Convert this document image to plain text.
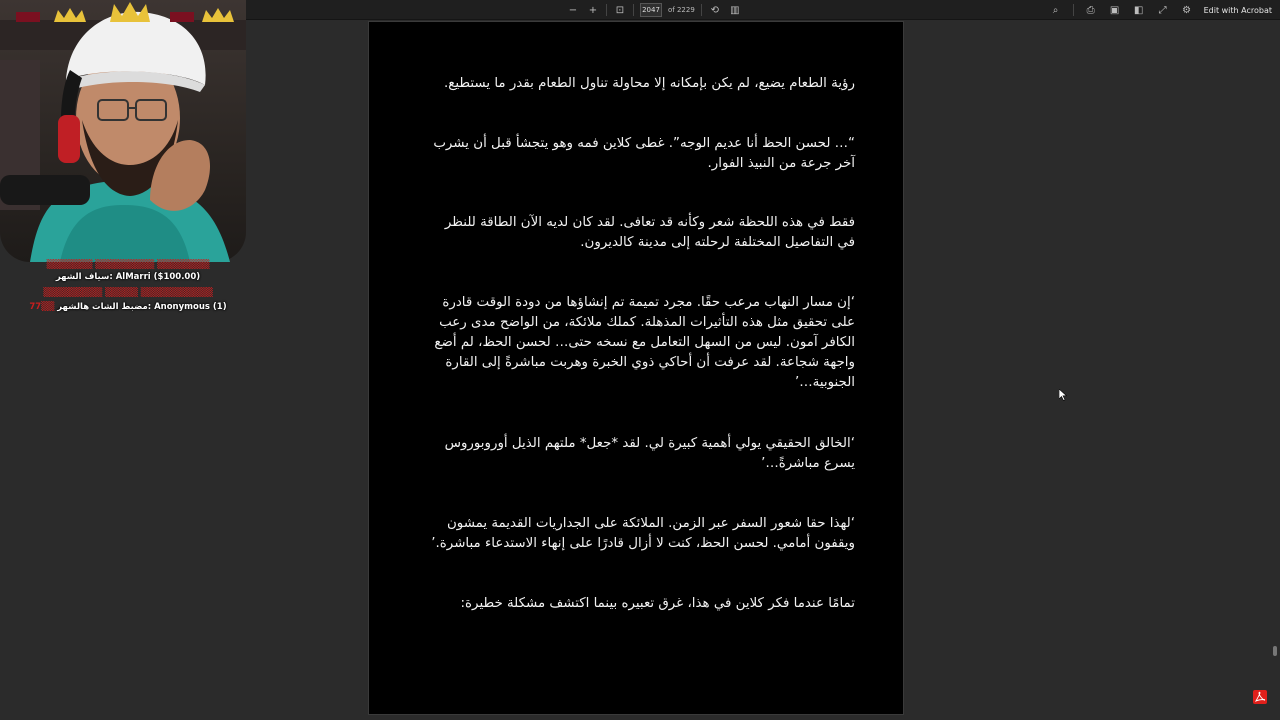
− + ⊡	2047 of 2229 ⟲ ▥	⌕	⎙	▣ ◧	⤢	⚙	Edit with Acrobat

رؤية الطعام يضيع، لم يكن بإمكانه إلا محاولة تناول الطعام بقدر ما يستطيع.

“… لحسن الحظ أنا عديم الوجه”. غطى كلاين فمه وهو يتجشأ قبل أن يشرب آخر جرعة من النبيذ الفوار.

فقط في هذه اللحظة شعر وكأنه قد تعافى. لقد كان لديه الآن الطاقة للنظر في التفاصيل المختلفة لرحلته إلى مدينة كالديرون.

‘إن مسار النهاب مرعب حقًا. مجرد تميمة تم إنشاؤها من دودة الوقت قادرة على تحقيق مثل هذه التأثيرات المذهلة. كملك ملائكة، من الواضح مدى رعب الكافر آمون. ليس من السهل التعامل مع نسخه حتى… لحسن الحظ، لم أضع واجهة شجاعة. لقد عرفت أن أحاكي ذوي الخبرة وهربت مباشرةً إلى القارة الجنوبية…’

‘الخالق الحقيقي يولي أهمية كبيرة لي. لقد *جعل* ملتهم الذيل أوروبوروس يسرع مباشرةً…’

‘لهذا حقا شعور السفر عبر الزمن. الملائكة على الجداريات القديمة يمشون ويقفون أمامي. لحسن الحظ، كنت لا أزال قادرًا على إنهاء الاستدعاء مباشرة.’

تمامًا عندما فكر كلاين في هذا، غرق تعبيره بينما اكتشف مشكلة خطيرة:

▒▒▒▒▒▒▒ ▒▒▒▒▒▒▒▒▒ ▒▒▒▒▒▒▒▒
سياف الشهر: AlMarri ($100.00)
▒▒▒▒▒▒▒▒▒ ▒▒▒▒▒ ▒▒▒▒▒▒▒▒▒▒▒
77▒▒ مضبط الشات هالشهر: Anonymous (1)
